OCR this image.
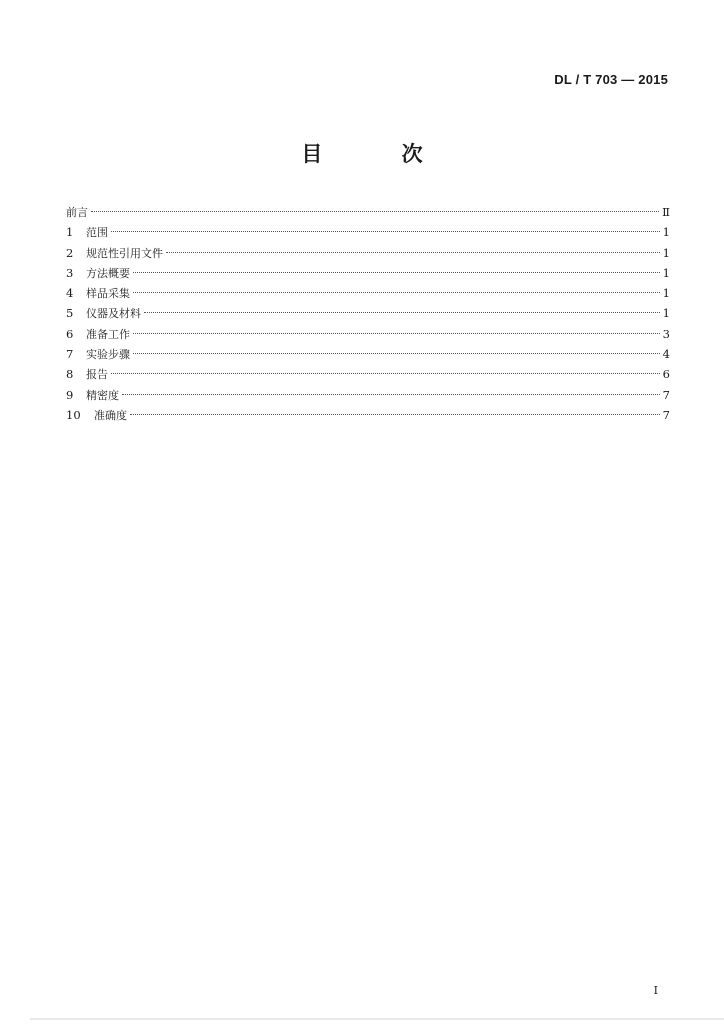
DL / T 703 — 2015
目 次
前言	Ⅱ
1	范围	1
2	规范性引用文件	1
3	方法概要	1
4	样品采集	1
5	仪器及材料	1
6	准备工作	3
7	实验步骤	4
8	报告	6
9	精密度	7
10	准确度	7
I
